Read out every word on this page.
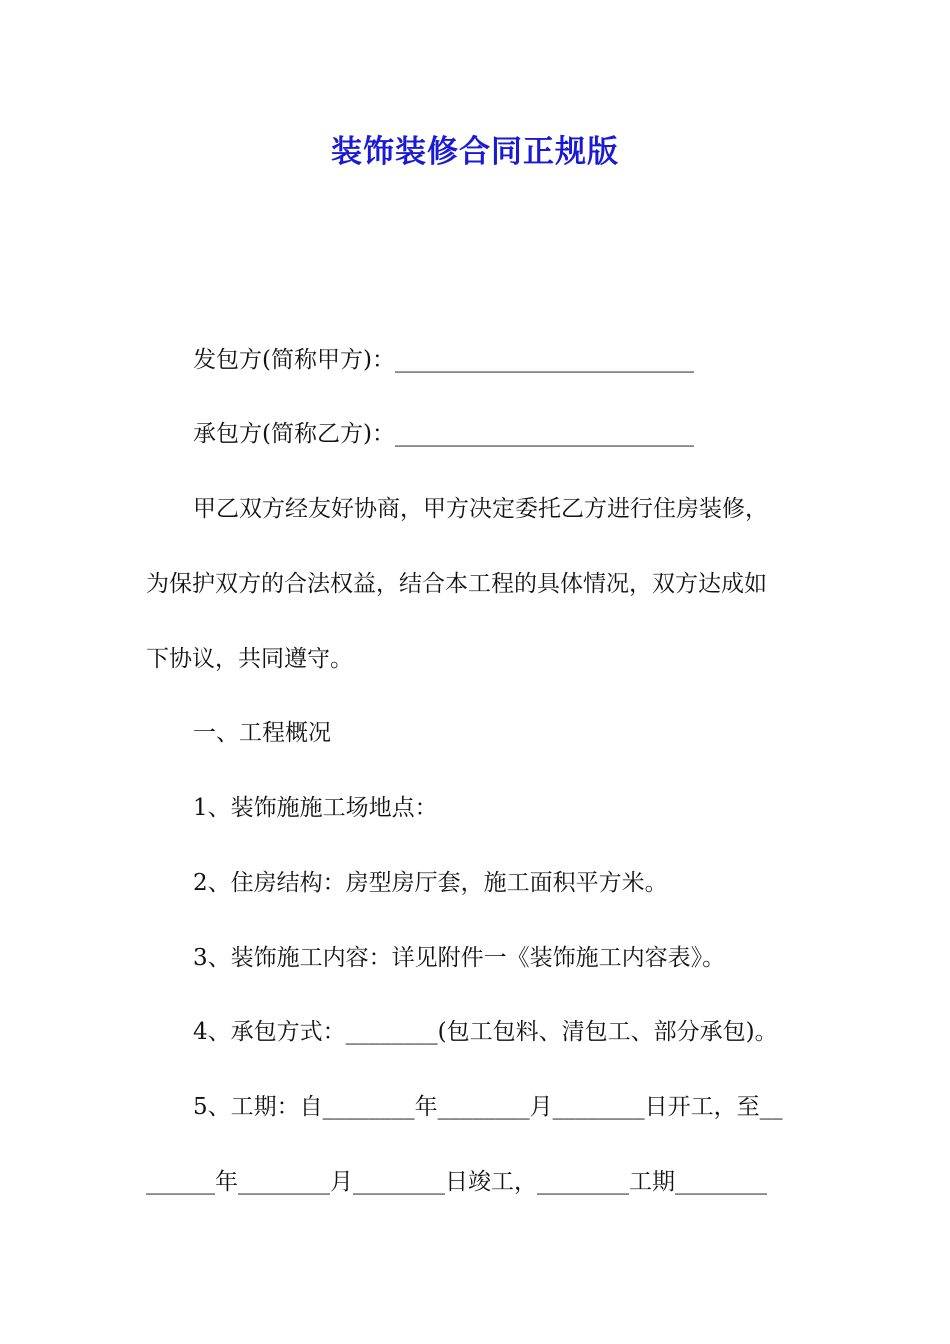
装饰装修合同正规版
发包方(简称甲方)：__________________________
承包方(简称乙方)：__________________________
甲乙双方经友好协商，甲方决定委托乙方进行住房装修，
为保护双方的合法权益，结合本工程的具体情况，双方达成如
下协议，共同遵守。
一、工程概况
1、装饰施施工场地点：
2、住房结构：房型房厅套，施工面积平方米。
3、装饰施工内容：详见附件一《装饰施工内容表》。
4、承包方式：________(包工包料、清包工、部分承包)。
5、工期：自________年________月________日开工，至__
______年________月________日竣工，________工期________
